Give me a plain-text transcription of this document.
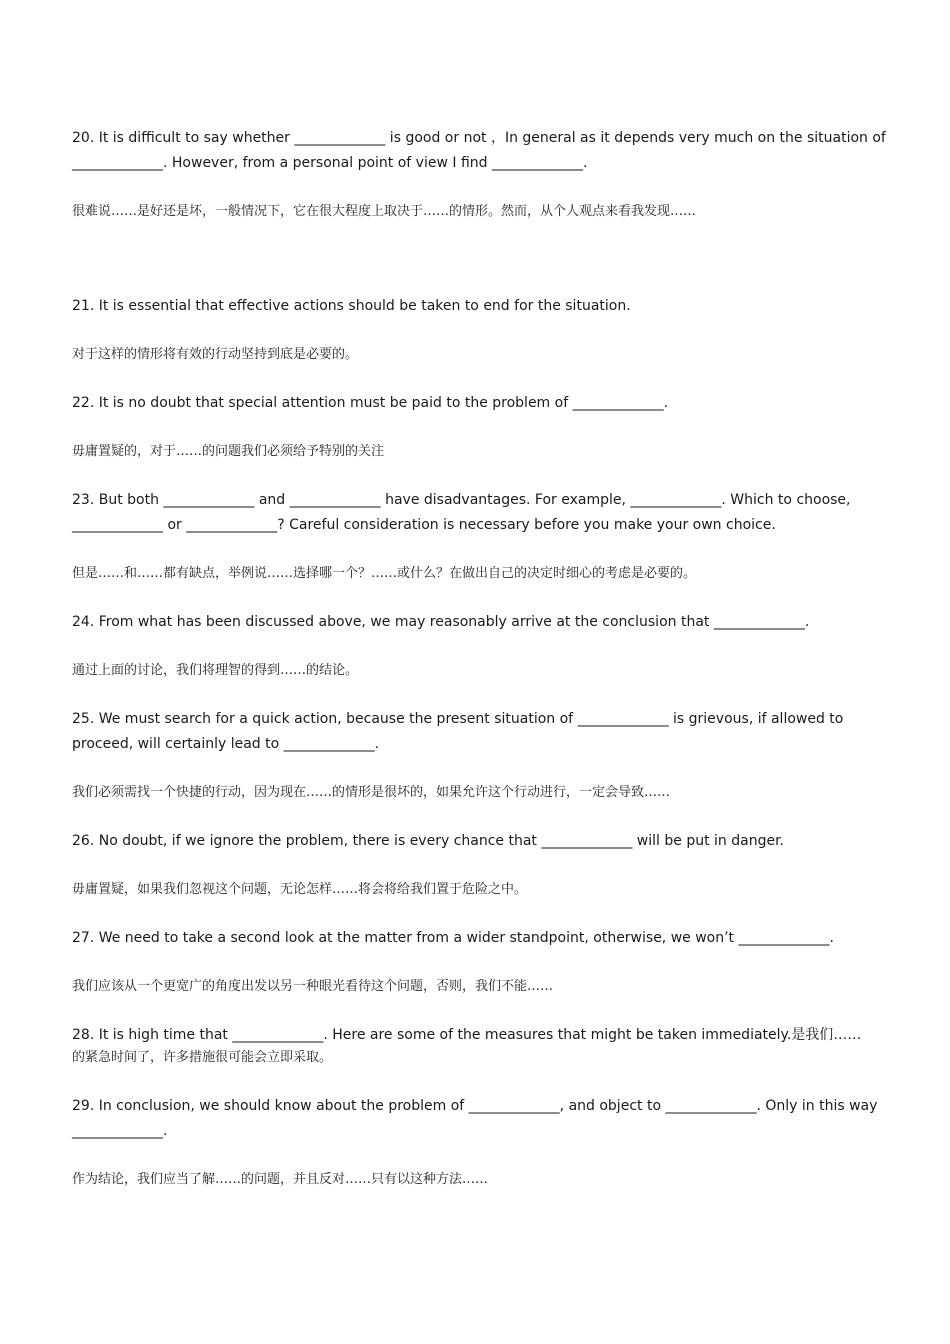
20. It is difficult to say whether _____________ is good or not ，In general as it depends very much on the situation of _____________. However, from a personal point of view I find _____________.

很难说……是好还是坏，一般情况下，它在很大程度上取决于……的情形。然而，从个人观点来看我发现……

21. It is essential that effective actions should be taken to end for the situation.

对于这样的情形将有效的行动坚持到底是必要的。

22. It is no doubt that special attention must be paid to the problem of _____________.

毋庸置疑的，对于……的问题我们必须给予特别的关注

23. But both _____________ and _____________ have disadvantages. For example, _____________. Which to choose, _____________ or _____________? Careful consideration is necessary before you make your own choice.

但是……和……都有缺点，举例说……选择哪一个？……或什么？在做出自己的决定时细心的考虑是必要的。

24. From what has been discussed above, we may reasonably arrive at the conclusion that _____________.

通过上面的讨论，我们将理智的得到……的结论。

25. We must search for a quick action, because the present situation of _____________ is grievous, if allowed to proceed, will certainly lead to _____________.

我们必须需找一个快捷的行动，因为现在……的情形是很坏的，如果允许这个行动进行，一定会导致……

26. No doubt, if we ignore the problem, there is every chance that _____________ will be put in danger.

毋庸置疑，如果我们忽视这个问题，无论怎样……将会将给我们置于危险之中。

27. We need to take a second look at the matter from a wider standpoint, otherwise, we won’t _____________.

我们应该从一个更宽广的角度出发以另一种眼光看待这个问题，否则，我们不能……

28. It is high time that _____________. Here are some of the measures that might be taken immediately.是我们……

的紧急时间了，许多措施很可能会立即采取。

29. In conclusion, we should know about the problem of _____________, and object to _____________. Only in this way _____________.

作为结论，我们应当了解……的问题，并且反对……只有以这种方法……
